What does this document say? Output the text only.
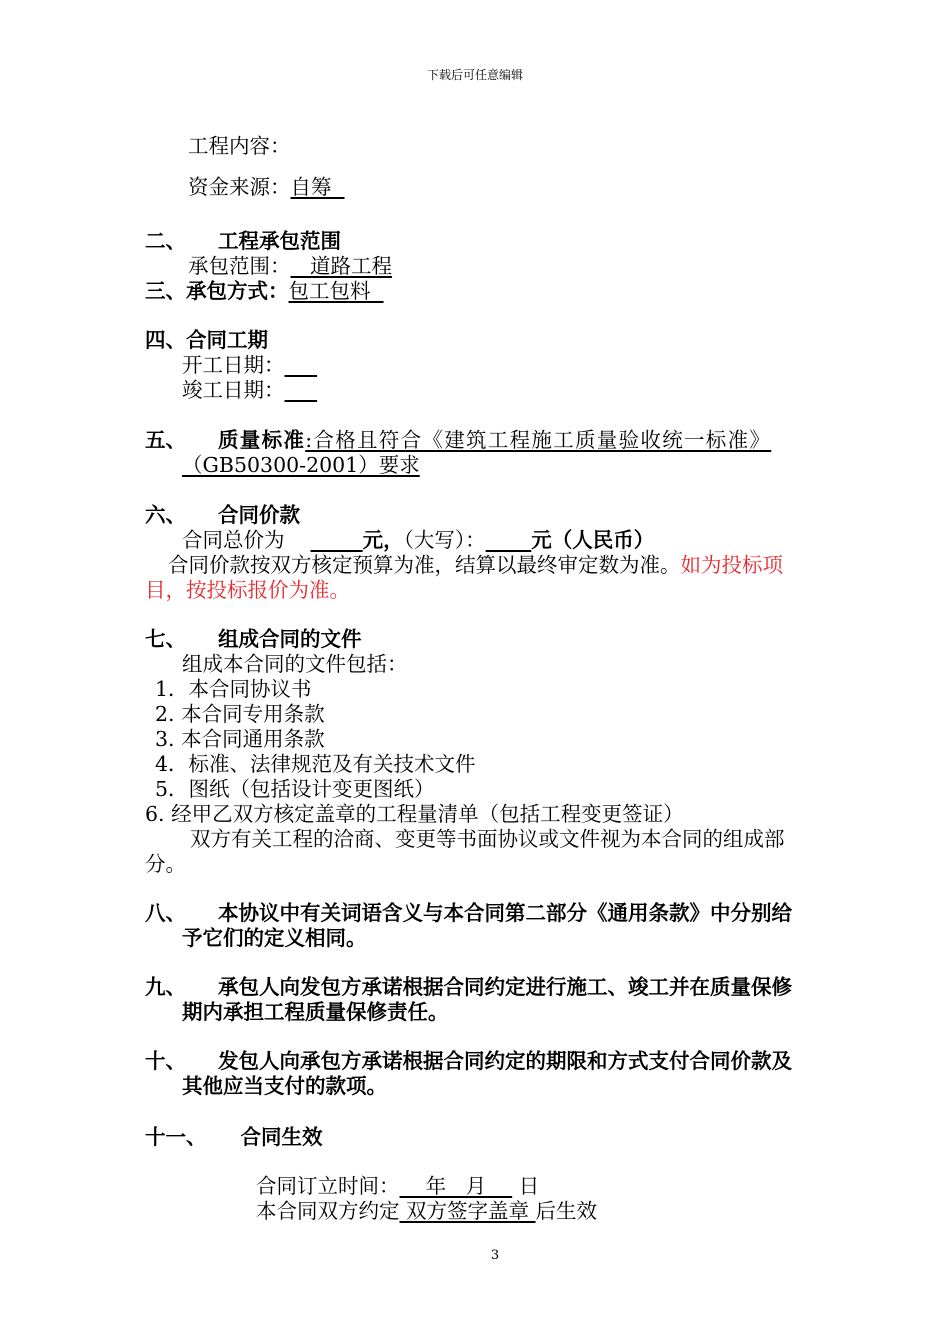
下载后可任意编辑
工程内容：
资金来源：自筹
二、 工程承包范围
承包范围：   道路工程
三、承包方式：包工包料
四、合同工期
开工日期：
竣工日期：
五、 质量标准:合格且符合《建筑工程施工质量验收统一标准》
（GB50300-2001）要求
六、 合同价款
合同总价为	元，（大写）： 元（人民币）
合同价款按双方核定预算为准，结算以最终审定数为准。如为投标项
目，按投标报价为准。
七、 组成合同的文件
组成本合同的文件包括：
1．本合同协议书
2. 本合同专用条款
3. 本合同通用条款
4．标准、法律规范及有关技术文件
5．图纸（包括设计变更图纸）
6. 经甲乙双方核定盖章的工程量清单（包括工程变更签证）
双方有关工程的洽商、变更等书面协议或文件视为本合同的组成部
分。
八、 本协议中有关词语含义与本合同第二部分《通用条款》中分别给
予它们的定义相同。
九、 承包人向发包方承诺根据合同约定进行施工、竣工并在质量保修
期内承担工程质量保修责任。
十、 发包人向承包方承诺根据合同约定的期限和方式支付合同价款及
其他应当支付的款项。
十一、 合同生效
合同订立时间：    年   月     日
本合同双方约定 双方签字盖章 后生效
3
